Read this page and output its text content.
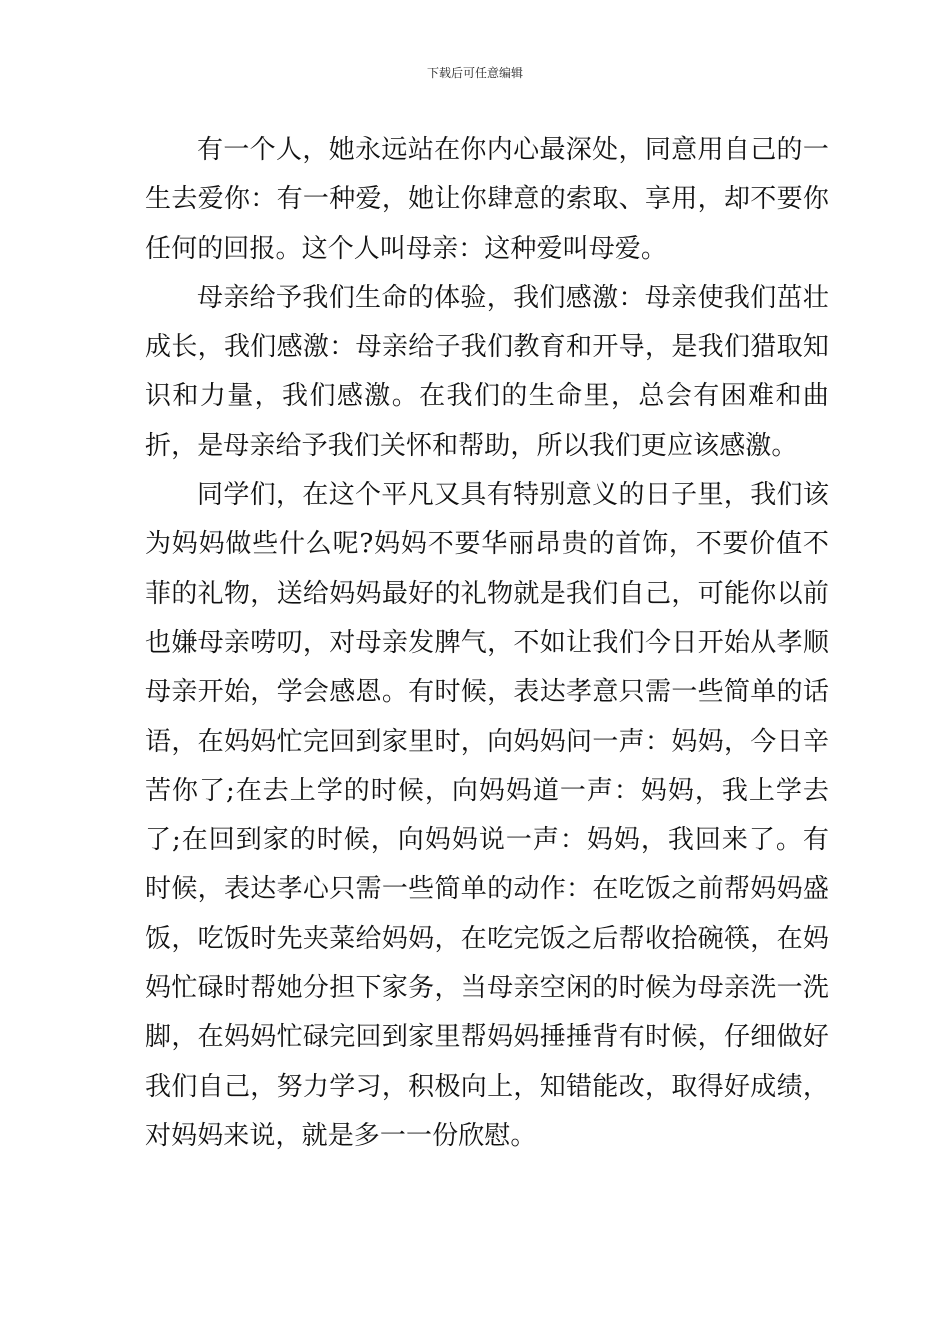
下载后可任意编辑

有一个人，她永远站在你内心最深处，同意用自己的一生去爱你：有一种爱，她让你肆意的索取、享用，却不要你任何的回报。这个人叫母亲：这种爱叫母爱。

母亲给予我们生命的体验，我们感激：母亲使我们茁壮成长，我们感激：母亲给子我们教育和开导，是我们猎取知识和力量，我们感激。在我们的生命里，总会有困难和曲折，是母亲给予我们关怀和帮助，所以我们更应该感激。

同学们，在这个平凡又具有特别意义的日子里，我们该为妈妈做些什么呢?妈妈不要华丽昂贵的首饰，不要价值不菲的礼物，送给妈妈最好的礼物就是我们自己，可能你以前也嫌母亲唠叨，对母亲发脾气，不如让我们今日开始从孝顺母亲开始，学会感恩。有时候，表达孝意只需一些简单的话语，在妈妈忙完回到家里时，向妈妈问一声：妈妈，今日辛苦你了;在去上学的时候，向妈妈道一声：妈妈，我上学去了;在回到家的时候，向妈妈说一声：妈妈，我回来了。有时候，表达孝心只需一些简单的动作：在吃饭之前帮妈妈盛饭，吃饭时先夹菜给妈妈，在吃完饭之后帮收拾碗筷，在妈妈忙碌时帮她分担下家务，当母亲空闲的时候为母亲洗一洗脚，在妈妈忙碌完回到家里帮妈妈捶捶背有时候，仔细做好我们自己，努力学习，积极向上，知错能改，取得好成绩，对妈妈来说，就是多一一份欣慰。
